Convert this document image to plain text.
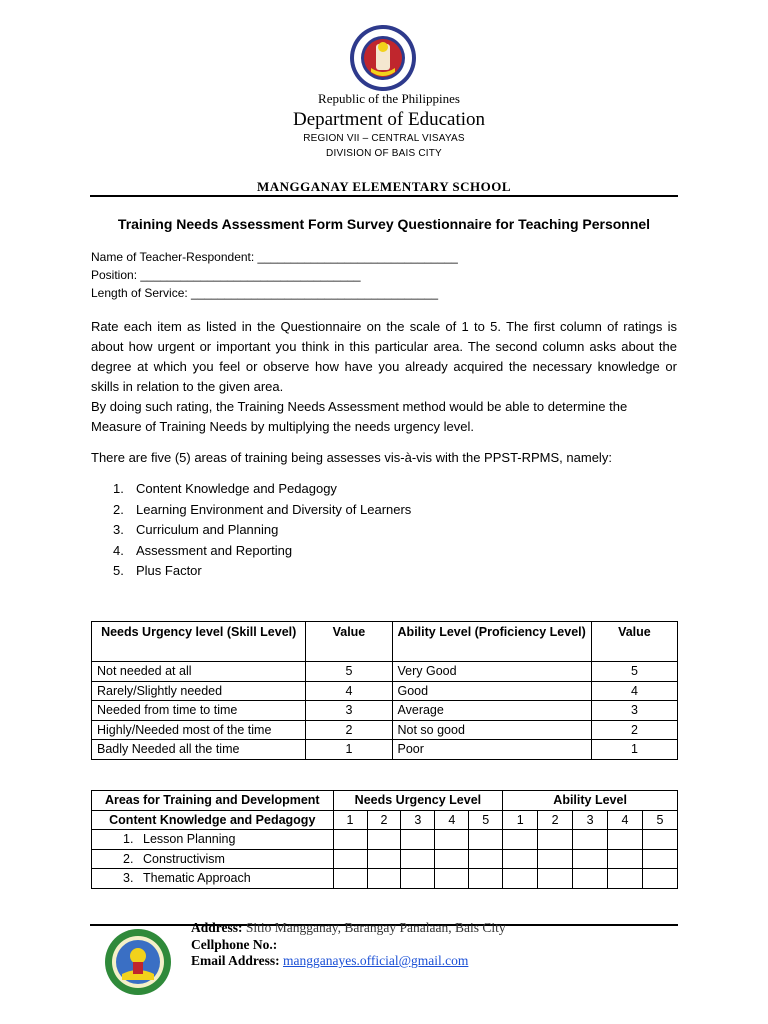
Republic of the Philippines
Department of Education
REGION VII – CENTRAL VISAYAS
DIVISION OF BAIS CITY
MANGGANAY ELEMENTARY SCHOOL
Training Needs Assessment Form Survey Questionnaire for Teaching Personnel
Name of Teacher-Respondent: ______________________________
Position: _________________________________
Length of Service: _____________________________________
Rate each item as listed in the Questionnaire on the scale of 1 to 5. The first column of ratings is about how urgent or important you think in this particular area. The second column asks about the degree at which you feel or observe how have you already acquired the necessary knowledge or skills in relation to the given area.
By doing such rating, the Training Needs Assessment method would be able to determine the Measure of Training Needs by multiplying the needs urgency level.
There are five (5) areas of training being assesses vis-à-vis with the PPST-RPMS, namely:
1. Content Knowledge and Pedagogy
2. Learning Environment and Diversity of Learners
3. Curriculum and Planning
4. Assessment and Reporting
5. Plus Factor
Needs Urgency level (Skill Level)	Value	Ability Level (Proficiency Level)	Value
Not needed at all	5	Very Good	5
Rarely/Slightly needed	4	Good	4
Needed from time to time	3	Average	3
Highly/Needed most of the time	2	Not so good	2
Badly Needed all the time	1	Poor	1
Areas for Training and Development	Needs Urgency Level					Ability Level				
Content Knowledge and Pedagogy	1	2	3	4	5	1	2	3	4	5
1. Lesson Planning										
2. Constructivism										
3. Thematic Approach										
Address: Sitio Mangganay, Barangay Panalaan, Bais City
Cellphone No.:
Email Address: mangganayes.official@gmail.com
